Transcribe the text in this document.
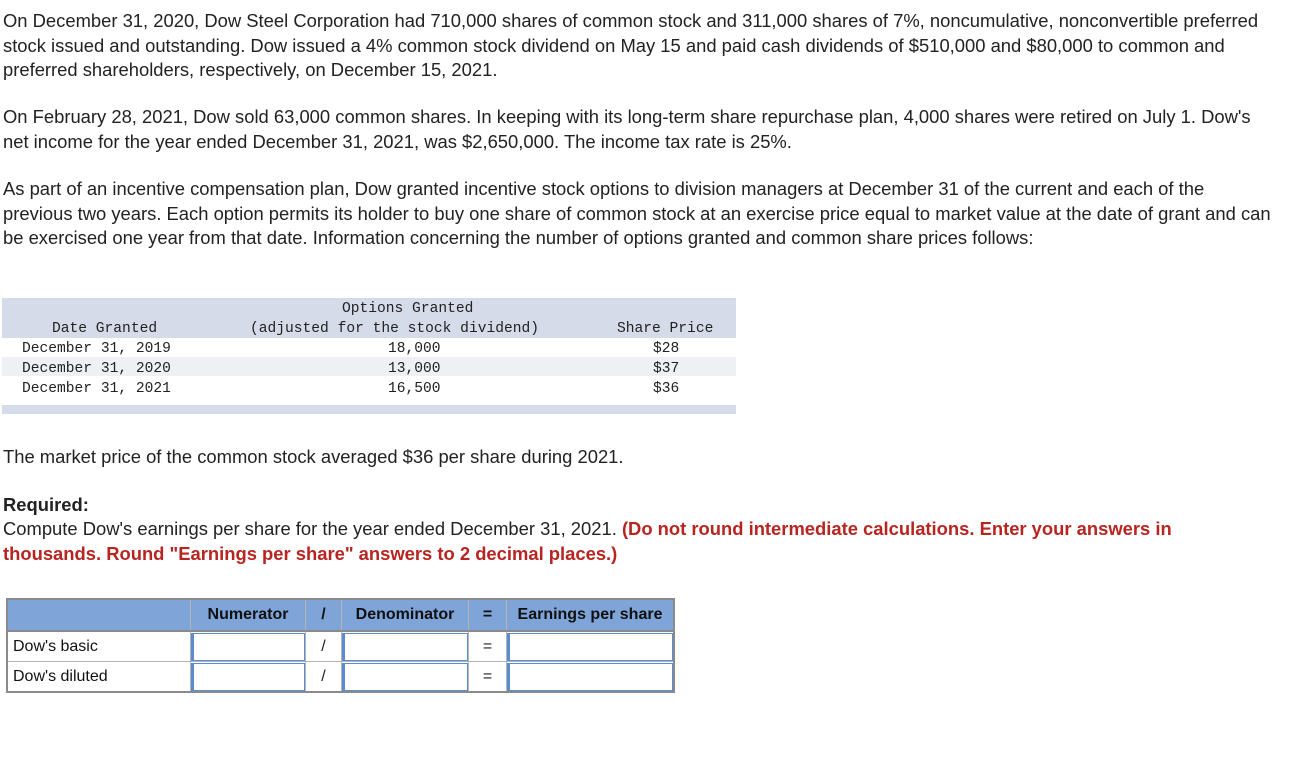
On December 31, 2020, Dow Steel Corporation had 710,000 shares of common stock and 311,000 shares of 7%, noncumulative, nonconvertible preferred stock issued and outstanding. Dow issued a 4% common stock dividend on May 15 and paid cash dividends of $510,000 and $80,000 to common and preferred shareholders, respectively, on December 15, 2021.

On February 28, 2021, Dow sold 63,000 common shares. In keeping with its long-term share repurchase plan, 4,000 shares were retired on July 1. Dow's net income for the year ended December 31, 2021, was $2,650,000. The income tax rate is 25%.

As part of an incentive compensation plan, Dow granted incentive stock options to division managers at December 31 of the current and each of the previous two years. Each option permits its holder to buy one share of common stock at an exercise price equal to market value at the date of grant and can be exercised one year from that date. Information concerning the number of options granted and common share prices follows:

Options Granted
Date Granted	(adjusted for the stock dividend)	Share Price
December 31, 2019	18,000	$28
December 31, 2020	13,000	$37
December 31, 2021	16,500	$36

The market price of the common stock averaged $36 per share during 2021.

Required:

Compute Dow's earnings per share for the year ended December 31, 2021. (Do not round intermediate calculations. Enter your answers in thousands. Round "Earnings per share" answers to 2 decimal places.)

	Numerator	/	Denominator	=	Earnings per share
Dow's basic		/		=	

Dow's diluted		/		=	
